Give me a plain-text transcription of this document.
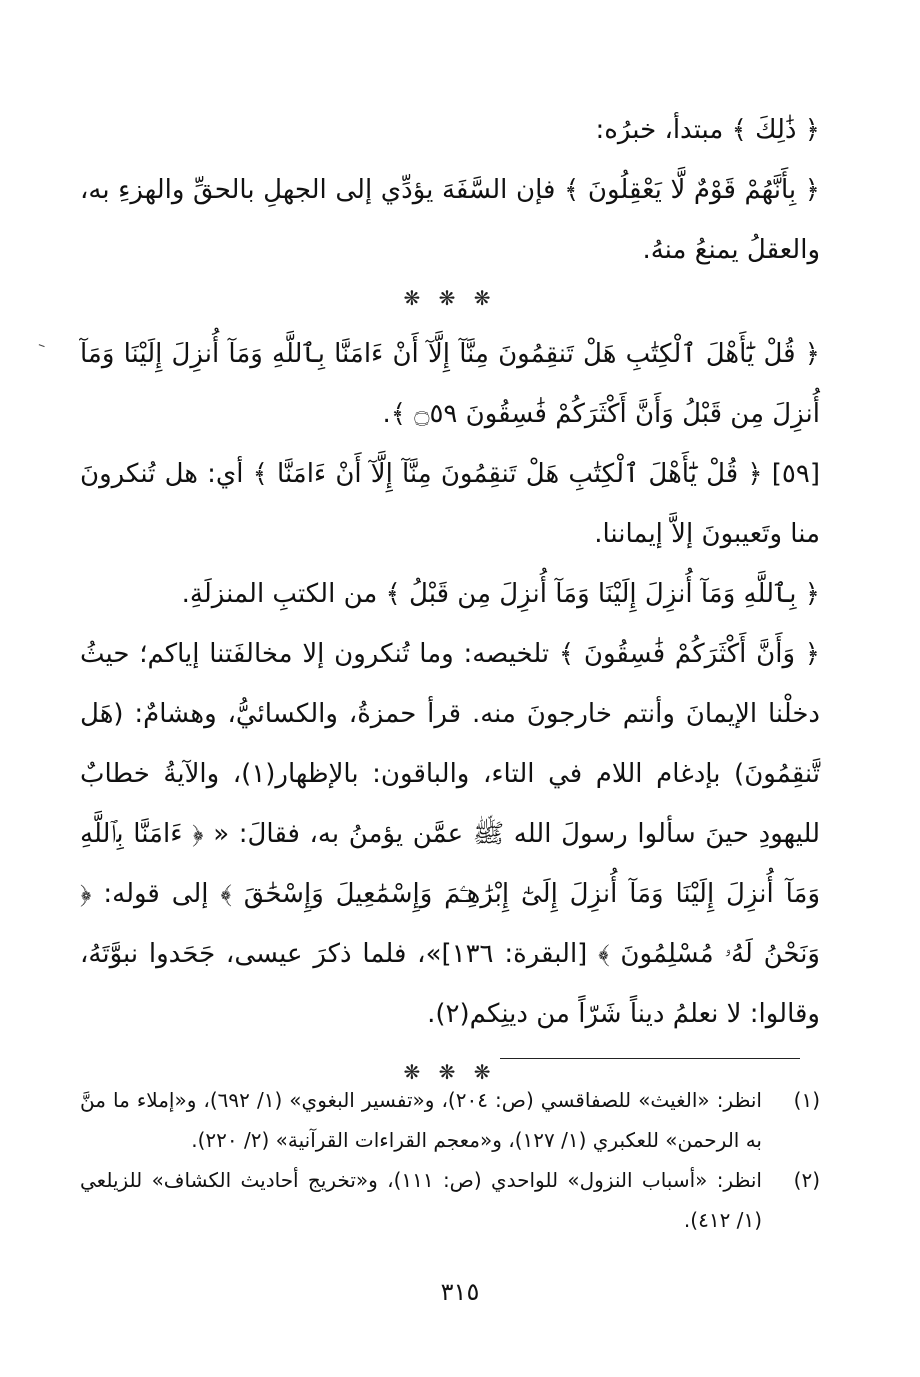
﴿ ذَٰلِكَ ﴾ مبتدأ، خبرُه:

﴿ بِأَنَّهُمْ قَوْمٌ لَّا يَعْقِلُونَ ﴾ فإن السَّفَهَ يؤدِّي إلى الجهلِ بالحقِّ والهزءِ به، والعقلُ يمنعُ منهُ.

❋ ❋ ❋

﴿ قُلْ يَٰٓأَهْلَ ٱلْكِتَٰبِ هَلْ تَنقِمُونَ مِنَّآ إِلَّآ أَنْ ءَامَنَّا بِٱللَّهِ وَمَآ أُنزِلَ إِلَيْنَا وَمَآ أُنزِلَ مِن قَبْلُ وَأَنَّ أَكْثَرَكُمْ فَٰسِقُونَ ۝٥٩ ﴾.

[٥٩] ﴿ قُلْ يَٰٓأَهْلَ ٱلْكِتَٰبِ هَلْ تَنقِمُونَ مِنَّآ إِلَّآ أَنْ ءَامَنَّا ﴾ أي: هل تُنكرونَ منا وتَعيبونَ إلاَّ إيماننا.

﴿ بِٱللَّهِ وَمَآ أُنزِلَ إِلَيْنَا وَمَآ أُنزِلَ مِن قَبْلُ ﴾ من الكتبِ المنزلَةِ.

﴿ وَأَنَّ أَكْثَرَكُمْ فَٰسِقُونَ ﴾ تلخيصه: وما تُنكرون إلا مخالفَتنا إياكم؛ حيثُ دخلْنا الإيمانَ وأنتم خارجونَ منه. قرأ حمزةُ، والكسائيُّ، وهشامٌ: (هَل تَّنقِمُونَ) بإدغام اللام في التاء، والباقون: بالإظهار(١)، والآيةُ خطابٌ لليهودِ حينَ سألوا رسولَ الله ﷺ عمَّن يؤمنُ به، فقالَ: « ﴿ ءَامَنَّا بِٱللَّهِ وَمَآ أُنزِلَ إِلَيْنَا وَمَآ أُنزِلَ إِلَىٰٓ إِبْرَٰهِـۧمَ وَإِسْمَٰعِيلَ وَإِسْحَٰقَ ﴾ إلى قوله: ﴿ وَنَحْنُ لَهُۥ مُسْلِمُونَ ﴾ [البقرة: ١٣٦]»، فلما ذكرَ عيسى، جَحَدوا نبوَّتَهُ، وقالوا: لا نعلمُ ديناً شَرّاً من دينِكم(٢).

❋ ❋ ❋
(١)
انظر: «الغيث» للصفاقسي (ص: ٢٠٤)، و«تفسير البغوي» (١/ ٦٩٢)، و«إملاء ما منَّ به الرحمن» للعكبري (١/ ١٢٧)، و«معجم القراءات القرآنية» (٢/ ٢٢٠).
(٢)
انظر: «أسباب النزول» للواحدي (ص: ١١١)، و«تخريج أحاديث الكشاف» للزيلعي (١/ ٤١٢).
٣١٥
